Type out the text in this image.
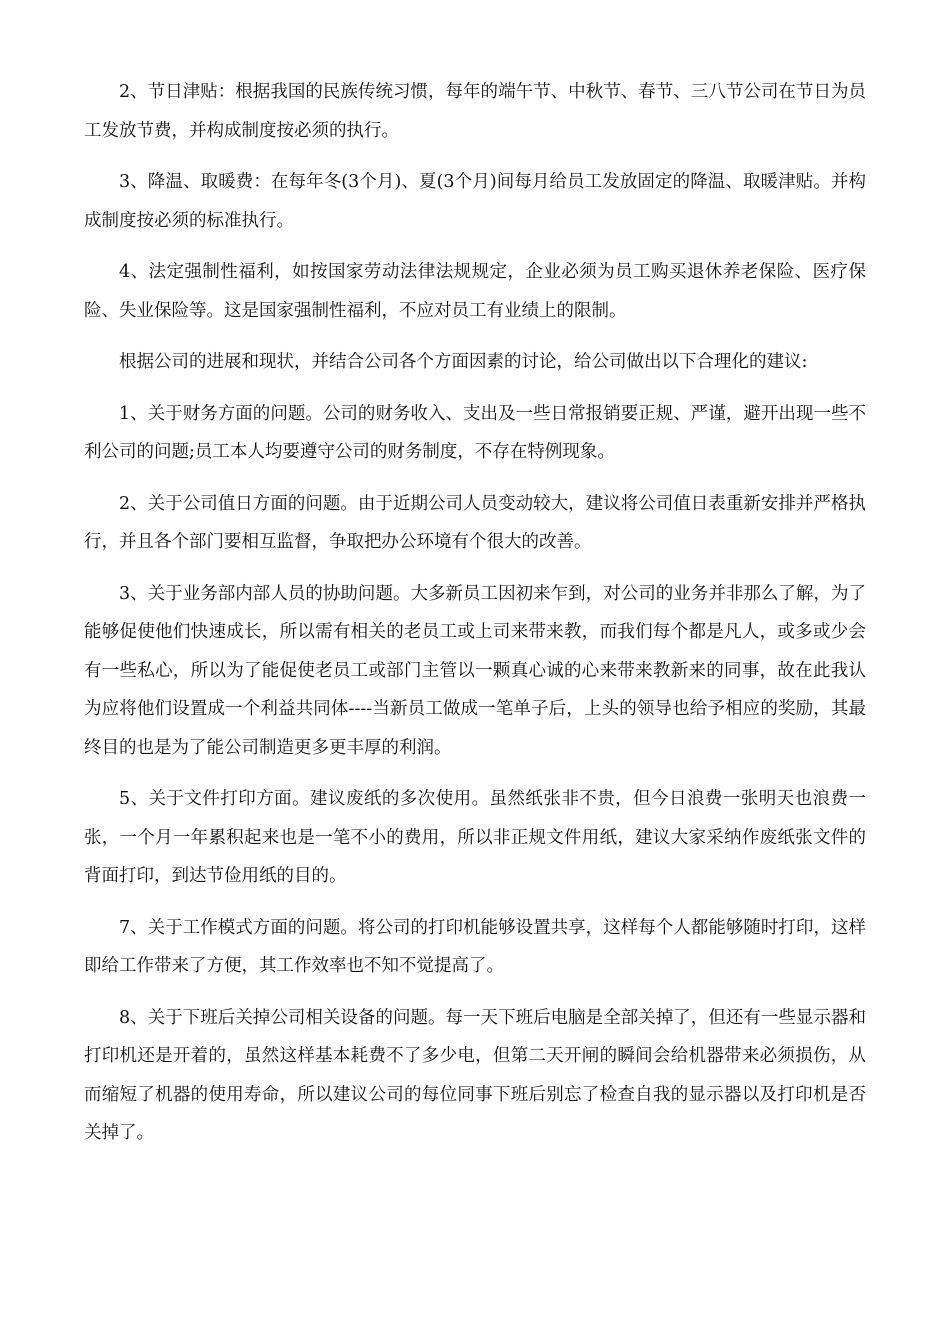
2、节日津贴：根据我国的民族传统习惯，每年的端午节、中秋节、春节、三八节公司在节日为员工发放节费，并构成制度按必须的执行。

3、降温、取暖费：在每年冬(3个月)、夏(3个月)间每月给员工发放固定的降温、取暖津贴。并构成制度按必须的标准执行。

4、法定强制性福利，如按国家劳动法律法规规定，企业必须为员工购买退休养老保险、医疗保险、失业保险等。这是国家强制性福利，不应对员工有业绩上的限制。

根据公司的进展和现状，并结合公司各个方面因素的讨论，给公司做出以下合理化的建议:

1、关于财务方面的问题。公司的财务收入、支出及一些日常报销要正规、严谨，避开出现一些不利公司的问题;员工本人均要遵守公司的财务制度，不存在特例现象。

2、关于公司值日方面的问题。由于近期公司人员变动较大，建议将公司值日表重新安排并严格执行，并且各个部门要相互监督，争取把办公环境有个很大的改善。

3、关于业务部内部人员的协助问题。大多新员工因初来乍到，对公司的业务并非那么了解，为了能够促使他们快速成长，所以需有相关的老员工或上司来带来教，而我们每个都是凡人，或多或少会有一些私心，所以为了能促使老员工或部门主管以一颗真心诚的心来带来教新来的同事，故在此我认为应将他们设置成一个利益共同体----当新员工做成一笔单子后，上头的领导也给予相应的奖励，其最终目的也是为了能公司制造更多更丰厚的利润。

5、关于文件打印方面。建议废纸的多次使用。虽然纸张非不贵，但今日浪费一张明天也浪费一张，一个月一年累积起来也是一笔不小的费用，所以非正规文件用纸，建议大家采纳作废纸张文件的背面打印，到达节俭用纸的目的。

7、关于工作模式方面的问题。将公司的打印机能够设置共享，这样每个人都能够随时打印，这样即给工作带来了方便，其工作效率也不知不觉提高了。

8、关于下班后关掉公司相关设备的问题。每一天下班后电脑是全部关掉了，但还有一些显示器和打印机还是开着的，虽然这样基本耗费不了多少电，但第二天开闸的瞬间会给机器带来必须损伤，从而缩短了机器的使用寿命，所以建议公司的每位同事下班后别忘了检查自我的显示器以及打印机是否关掉了。
